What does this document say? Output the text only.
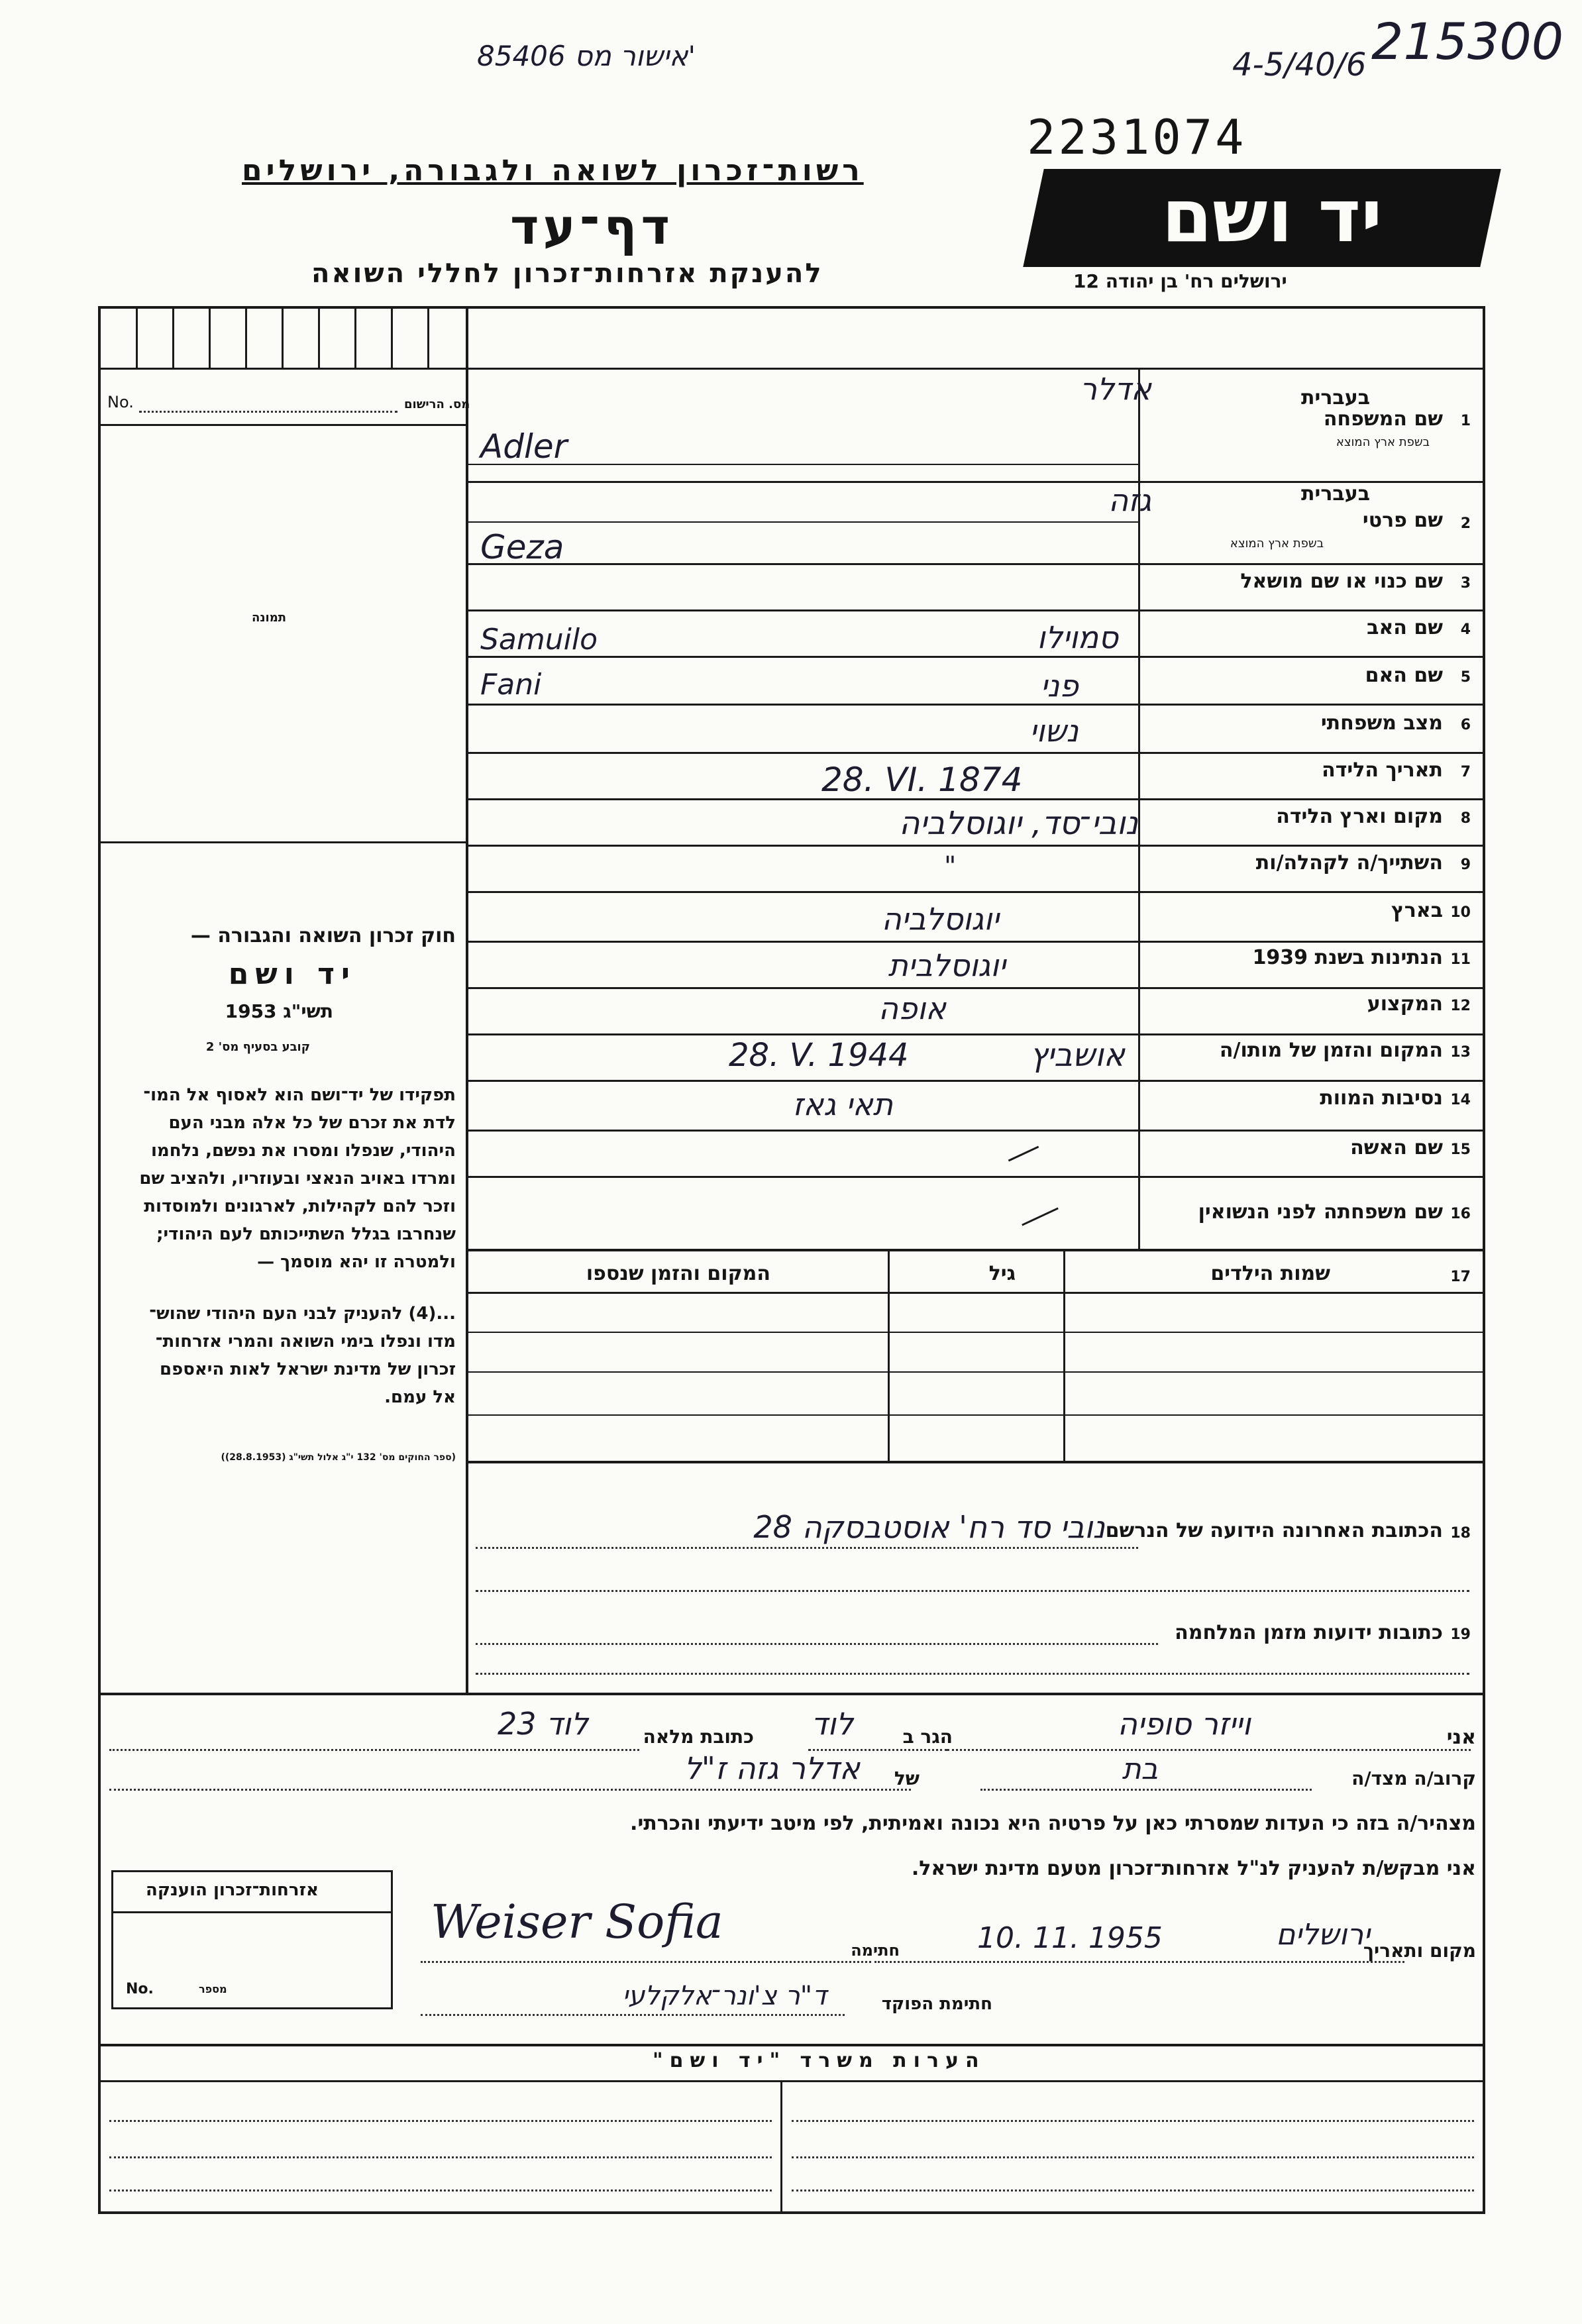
85406 אישור מס'	4-5/40/6 215300
2231074
רשות־זכרון לשואה ולגבורה, ירושלים
דף־עד
להענקת אזרחות־זכרון לחללי השואה
יד ושם
ירושלים רח' בן יהודה 12
No.	מס. הרישום
תמונה
חוק זכרון השואה והגבורה —
יד ושם
תשי"ג 1953
קובע בסעיף מס' 2
תפקידו של יד־ושם הוא לאסוף אל המו־
לדת את זכרם של כל אלה מבני העם
היהודי, שנפלו ומסרו את נפשם, נלחמו
ומרדו באויב הנאצי ובעוזריו, ולהציב שם
וזכר להם לקהילות, לארגונים ולמוסדות
שנחרבו בגלל השתייכותם לעם היהודי;
ולמטרה זו יהא מוסמך —
...(4) להעניק לבני העם היהודי שהוש־
מדו ונפלו בימי השואה והמרי אזרחות־
זכרון של מדינת ישראל לאות היאספם
אל עמם.
(ספר החוקים מס' 132 י"ג אלול תשי"ג (28.8.1953))
1
שם המשפחה
בעברית
בשפת ארץ המוצא
אדלר
Adler
2
שם פרטי
בעברית
בשפת ארץ המוצא
גזה
Geza
3
שם כנוי או שם מושאל
4
שם האב
Samuilo	סמוילו
5
שם האם
Fani	פני
6
מצב משפחתי
נשוי
7
תאריך הלידה
28. VI. 1874
8
מקום וארץ הלידה
נובי־סד, יוגוסלביה
9
השתייך/ה לקהלה/ות
"
10
בארץ
יוגוסלביה
11
הנתינות בשנת 1939
יוגוסלבית
12
המקצוע
אופה
13
המקום והזמן של מותו/ה
28. V. 1944	אושביץ
14
נסיבות המוות
תאי גאז
15
שם האשה
16
שם משפחתה לפני הנשואין
17
שמות הילדים
גיל
המקום והזמן שנספו
18
הכתובת האחרונה הידועה של הנרשם
נובי סד רח' אוסטבסקה 28
19
כתובות ידועות מזמן המלחמה
אני
וייזר סופיה
הגר ב
לוד
כתובת מלאה
לוד 23
קרוב/ה מצד/ה
בת
של
אדלר גזה ז"ל
מצהיר/ה בזה כי העדות שמסרתי כאן על פרטיה היא נכונה ואמיתית, לפי מיטב ידיעתי והכרתי.
אני מבקש/ת להעניק לנ"ל אזרחות־זכרון מטעם מדינת ישראל.
מקום ותאריך
ירושלים
10. 11. 1955
חתימה
Weiser Sofia
חתימת הפוקד
ד"ר צ'ונר־אלקלעי
אזרחות־זכרון הוענקה
No.	מספר
הערות משרד "יד ושם"
